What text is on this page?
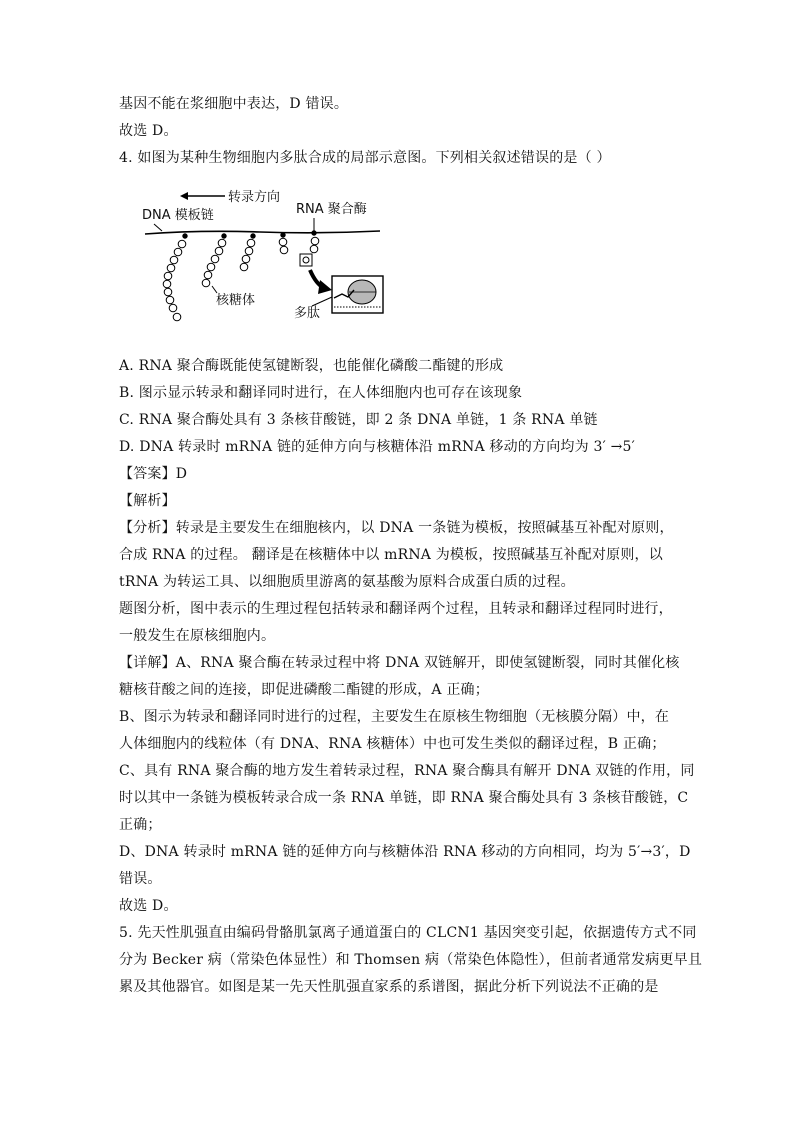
基因不能在浆细胞中表达，D 错误。
故选 D。
4. 如图为某种生物细胞内多肽合成的局部示意图。下列相关叙述错误的是（ ）
转录方向
DNA 模板链	RNA 聚合酶
核糖体
多肽
A. RNA 聚合酶既能使氢键断裂，也能催化磷酸二酯键的形成
B. 图示显示转录和翻译同时进行，在人体细胞内也可存在该现象
C. RNA 聚合酶处具有 3 条核苷酸链，即 2 条 DNA 单链，1 条 RNA 单链
D. DNA 转录时 mRNA 链的延伸方向与核糖体沿 mRNA 移动的方向均为 3′ →5′
【答案】D
【解析】
【分析】转录是主要发生在细胞核内，以 DNA 一条链为模板，按照碱基互补配对原则，
合成 RNA 的过程。 翻译是在核糖体中以 mRNA 为模板，按照碱基互补配对原则，以
tRNA 为转运工具、以细胞质里游离的氨基酸为原料合成蛋白质的过程。
题图分析，图中表示的生理过程包括转录和翻译两个过程，且转录和翻译过程同时进行，
一般发生在原核细胞内。
【详解】A、RNA 聚合酶在转录过程中将 DNA 双链解开，即使氢键断裂，同时其催化核
糖核苷酸之间的连接，即促进磷酸二酯键的形成，A 正确；
B、图示为转录和翻译同时进行的过程，主要发生在原核生物细胞（无核膜分隔）中，在
人体细胞内的线粒体（有 DNA、RNA 核糖体）中也可发生类似的翻译过程，B 正确；
C、具有 RNA 聚合酶的地方发生着转录过程，RNA 聚合酶具有解开 DNA 双链的作用，同
时以其中一条链为模板转录合成一条 RNA 单链，即 RNA 聚合酶处具有 3 条核苷酸链，C
正确；
D、DNA 转录时 mRNA 链的延伸方向与核糖体沿 RNA 移动的方向相同，均为 5′→3′，D
错误。
故选 D。
5. 先天性肌强直由编码骨骼肌氯离子通道蛋白的 CLCN1 基因突变引起，依据遗传方式不同
分为 Becker 病（常染色体显性）和 Thomsen 病（常染色体隐性），但前者通常发病更早且
累及其他器官。如图是某一先天性肌强直家系的系谱图，据此分析下列说法不正确的是
